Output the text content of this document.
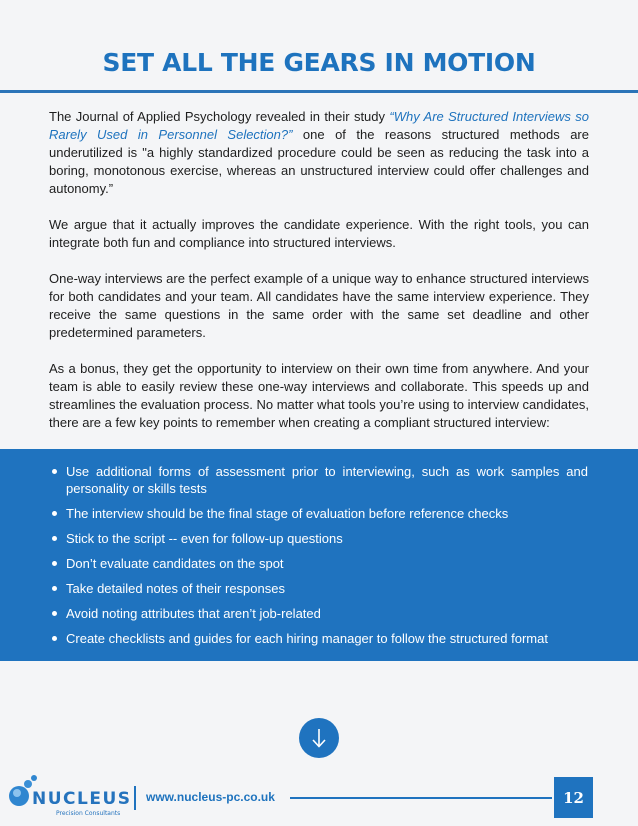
SET ALL THE GEARS IN MOTION

The Journal of Applied Psychology revealed in their study “Why Are Structured Interviews so Rarely Used in Personnel Selection?” one of the reasons structured methods are underutilized is "a highly standardized procedure could be seen as reducing the task into a boring, monotonous exercise, whereas an unstructured interview could offer challenges and autonomy.”

We argue that it actually improves the candidate experience. With the right tools, you can integrate both fun and compliance into structured interviews.

One-way interviews are the perfect example of a unique way to enhance structured interviews for both candidates and your team. All candidates have the same interview experience. They receive the same questions in the same order with the same set deadline and other predetermined parameters.

As a bonus, they get the opportunity to interview on their own time from anywhere. And your team is able to easily review these one-way interviews and collaborate. This speeds up and streamlines the evaluation process. No matter what tools you’re using to interview candidates, there are a few key points to remember when creating a compliant structured interview:

Use additional forms of assessment prior to interviewing, such as work samples and personality or skills tests
The interview should be the final stage of evaluation before reference checks
Stick to the script -- even for follow-up questions
Don’t evaluate candidates on the spot
Take detailed notes of their responses
Avoid noting attributes that aren’t job-related
Create checklists and guides for each hiring manager to follow the structured format
NUCLEUS
Precision Consultants
www.nucleus-pc.co.uk	12
